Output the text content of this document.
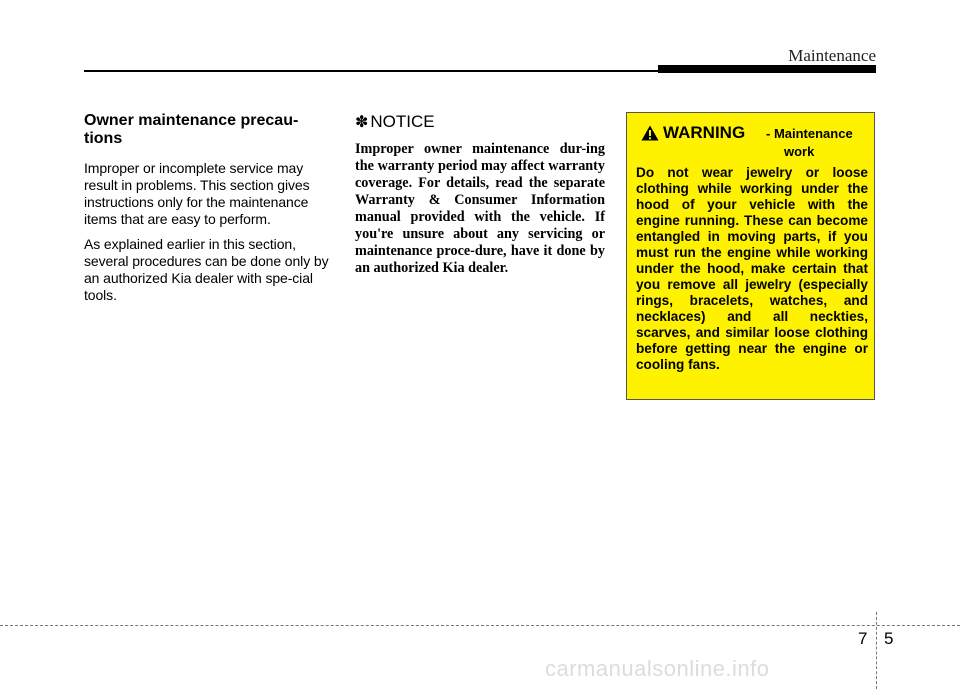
Maintenance
Owner maintenance precau-tions

Improper or incomplete service may result in problems. This section gives instructions only for the maintenance items that are easy to perform.

As explained earlier in this section, several procedures can be done only by an authorized Kia dealer with spe-cial tools.

✽ NOTICE

Improper owner maintenance dur-ing the warranty period may affect warranty coverage. For details, read the separate Warranty & Consumer Information manual provided with the vehicle. If you're unsure about any servicing or maintenance proce-dure, have it done by an authorized Kia dealer.

WARNING - Maintenance
work

Do not wear jewelry or loose clothing while working under the hood of your vehicle with the engine running. These can become entangled in moving parts, if you must run the engine while working under the hood, make certain that you remove all jewelry (especially rings, bracelets, watches, and necklaces) and all neckties, scarves, and similar loose clothing before getting near the engine or cooling fans.

7 5
carmanualsonline.info
